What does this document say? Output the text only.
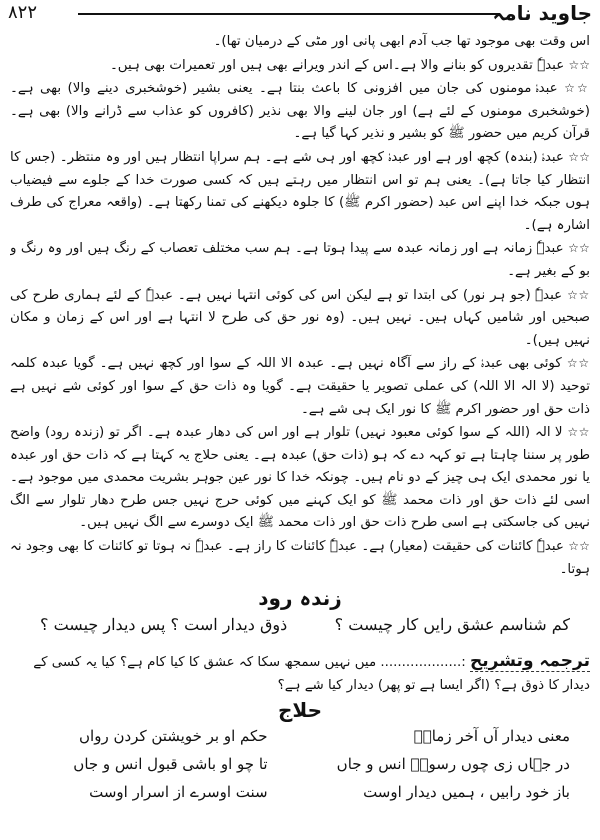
۸۲۲	جاوید نامہ

اس وقت بھی موجود تھا جب آدم ابھی پانی اور مٹی کے درمیان تھا)۔

☆☆ عبدہٗ تقدیروں کو بنانے والا ہے۔اس کے اندر ویرانے بھی ہیں اور تعمیرات بھی ہیں۔

☆☆ عبدہٗ مومنوں کی جان میں افزونی کا باعث بنتا ہے۔ یعنی بشیر (خوشخبری دینے والا) بھی ہے۔ (خوشخبری مومنوں کے لئے ہے) اور جان لینے والا بھی نذیر (کافروں کو عذاب سے ڈرانے والا) بھی ہے۔ قرآن کریم میں حضور ﷺ کو بشیر و نذیر کہا گیا ہے۔

☆☆ عبدہٗ (بندہ) کچھ اور ہے اور عبدہٗ کچھ اور ہی شے ہے۔ ہم سراپا انتظار ہیں اور وہ منتظر۔ (جس کا انتظار کیا جاتا ہے)۔ یعنی ہم تو اس انتظار میں رہتے ہیں کہ کسی صورت خدا کے جلوے سے فیضیاب ہوں جبکہ خدا اپنے اس عبد (حضور اکرم ﷺ) کا جلوہ دیکھنے کی تمنا رکھتا ہے۔ (واقعہ معراج کی طرف اشارہ ہے)۔

☆☆ عبدہٗ زمانہ ہے اور زمانہ عبدہ سے پیدا ہوتا ہے۔ ہم سب مختلف تعصاب کے رنگ ہیں اور وہ رنگ و بو کے بغیر ہے۔

☆☆ عبدہٗ (جو ہر نور) کی ابتدا تو ہے لیکن اس کی کوئی انتہا نہیں ہے۔ عبدہٗ کے لئے ہماری طرح کی صبحیں اور شامیں کہاں ہیں۔ نہیں ہیں۔ (وہ نور حق کی طرح لا انتہا ہے اور اس کے زمان و مکان نہیں ہیں)۔

☆☆ کوئی بھی عبدہٗ کے راز سے آگاہ نہیں ہے۔ عبدہ الا اللہ کے سوا اور کچھ نہیں ہے۔ گویا عبدہ کلمہ توحید (لا الہ الا اللہ) کی عملی تصویر یا حقیقت ہے۔ گویا وہ ذات حق کے سوا اور کوئی شے نہیں ہے ذات حق اور حضور اکرم ﷺ کا نور ایک ہی شے ہے۔

☆☆ لا الہ (اللہ کے سوا کوئی معبود نہیں) تلوار ہے اور اس کی دھار عبدہ ہے۔ اگر تو (زندہ رود) واضح طور پر سننا چاہتا ہے تو کہہ دے کہ ہو (ذات حق) عبدہ ہے۔ یعنی حلاج یہ کہتا ہے کہ ذات حق اور عبدہ یا نور محمدی ایک ہی چیز کے دو نام ہیں۔ چونکہ خدا کا نور عین جوہر بشریت محمدی میں موجود ہے۔ اسی لئے ذات حق اور ذات محمد ﷺ کو ایک کہنے میں کوئی حرج نہیں جس طرح دھار تلوار سے الگ نہیں کی جاسکتی ہے اسی طرح ذات حق اور ذات محمد ﷺ ایک دوسرے سے الگ نہیں ہیں۔

☆☆ عبدہٗ کائنات کی حقیقت (معیار) ہے۔ عبدہٗ کائنات کا راز ہے۔ عبدہٗ نہ ہوتا تو کائنات کا بھی وجود نہ ہوتا۔

زندہ رود
کم شناسم عشق رایں کار چیست ؟
ذوق دیدار است ؟ پس دیدار چیست ؟
ترجمہ وتشریح :................... میں نہیں سمجھ سکا کہ عشق کا کیا کام ہے؟ کیا یہ کسی کے دیدار کا ذوق ہے؟ (اگر ایسا ہے تو پھر) دیدار کیا شے ہے؟
حلاج
معنی دیدار آں آخر زماںؐ
حکم او بر خویشتن کردن رواں
در جہاں زی چوں رسولؐ انس و جاں
تا چو او باشی قبول انس و جاں
باز خود رابیں ، ہمیں دیدار اوست
سنت اوسرے از اسرار اوست
